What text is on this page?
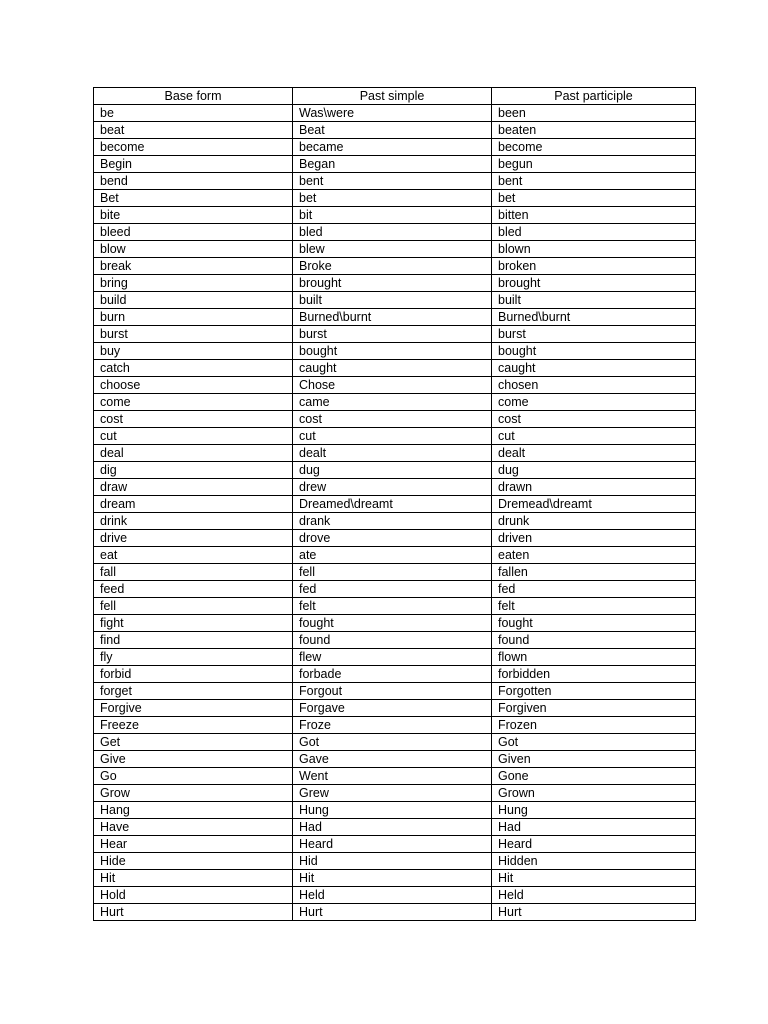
Base form	Past simple	Past participle
be	Was\were	been
beat	Beat	beaten
become	became	become
Begin	Began	begun
bend	bent	bent
Bet	bet	bet
bite	bit	bitten
bleed	bled	bled
blow	blew	blown
break	Broke	broken
bring	brought	brought
build	built	built
burn	Burned\burnt	Burned\burnt
burst	burst	burst
buy	bought	bought
catch	caught	caught
choose	Chose	chosen
come	came	come
cost	cost	cost
cut	cut	cut
deal	dealt	dealt
dig	dug	dug
draw	drew	drawn
dream	Dreamed\dreamt	Dremead\dreamt
drink	drank	drunk
drive	drove	driven
eat	ate	eaten
fall	fell	fallen
feed	fed	fed
fell	felt	felt
fight	fought	fought
find	found	found
fly	flew	flown
forbid	forbade	forbidden
forget	Forgout	Forgotten
Forgive	Forgave	Forgiven
Freeze	Froze	Frozen
Get	Got	Got
Give	Gave	Given
Go	Went	Gone
Grow	Grew	Grown
Hang	Hung	Hung
Have	Had	Had
Hear	Heard	Heard
Hide	Hid	Hidden
Hit	Hit	Hit
Hold	Held	Held
Hurt	Hurt	Hurt
